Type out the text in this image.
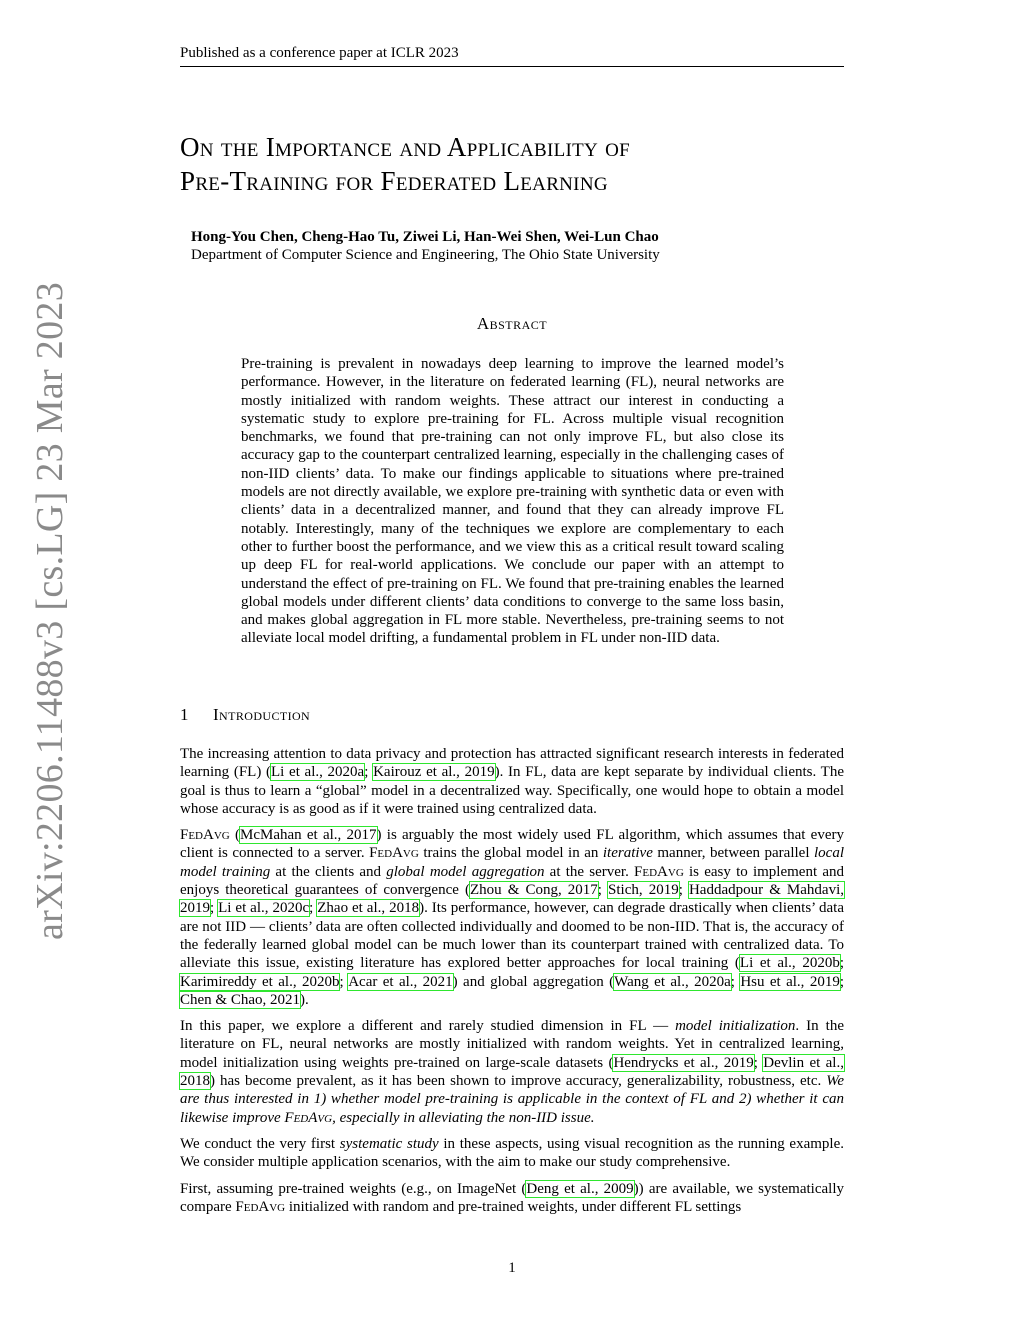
Published as a conference paper at ICLR 2023
arXiv:2206.11488v3 [cs.LG] 23 Mar 2023
On the Importance and Applicability of
Pre-Training for Federated Learning
Hong-You Chen, Cheng-Hao Tu, Ziwei Li, Han-Wei Shen, Wei-Lun Chao
Department of Computer Science and Engineering, The Ohio State University
Abstract
Pre-training is prevalent in nowadays deep learning to improve the learned model’s performance. However, in the literature on federated learning (FL), neural networks are mostly initialized with random weights. These attract our interest in conducting a systematic study to explore pre-training for FL. Across multiple visual recognition benchmarks, we found that pre-training can not only improve FL, but also close its accuracy gap to the counterpart centralized learning, especially in the challenging cases of non-IID clients’ data. To make our findings applicable to situations where pre-trained models are not directly available, we explore pre-training with synthetic data or even with clients’ data in a decentralized manner, and found that they can already improve FL notably. Interestingly, many of the techniques we explore are complementary to each other to further boost the performance, and we view this as a critical result toward scaling up deep FL for real-world applications. We conclude our paper with an attempt to understand the effect of pre-training on FL. We found that pre-training enables the learned global models under different clients’ data conditions to converge to the same loss basin, and makes global aggregation in FL more stable. Nevertheless, pre-training seems to not alleviate local model drifting, a fundamental problem in FL under non-IID data.
1 Introduction

The increasing attention to data privacy and protection has attracted significant research interests in federated learning (FL) (Li et al., 2020a; Kairouz et al., 2019). In FL, data are kept separate by individual clients. The goal is thus to learn a “global” model in a decentralized way. Specifically, one would hope to obtain a model whose accuracy is as good as if it were trained using centralized data.

FedAvg (McMahan et al., 2017) is arguably the most widely used FL algorithm, which assumes that every client is connected to a server. FedAvg trains the global model in an iterative manner, between parallel local model training at the clients and global model aggregation at the server. FedAvg is easy to implement and enjoys theoretical guarantees of convergence (Zhou & Cong, 2017; Stich, 2019; Haddadpour & Mahdavi, 2019; Li et al., 2020c; Zhao et al., 2018). Its performance, however, can degrade drastically when clients’ data are not IID — clients’ data are often collected individually and doomed to be non-IID. That is, the accuracy of the federally learned global model can be much lower than its counterpart trained with centralized data. To alleviate this issue, existing literature has explored better approaches for local training (Li et al., 2020b; Karimireddy et al., 2020b; Acar et al., 2021) and global aggregation (Wang et al., 2020a; Hsu et al., 2019; Chen & Chao, 2021).

In this paper, we explore a different and rarely studied dimension in FL — model initialization. In the literature on FL, neural networks are mostly initialized with random weights. Yet in centralized learning, model initialization using weights pre-trained on large-scale datasets (Hendrycks et al., 2019; Devlin et al., 2018) has become prevalent, as it has been shown to improve accuracy, generalizability, robustness, etc. We are thus interested in 1) whether model pre-training is applicable in the context of FL and 2) whether it can likewise improve FedAvg, especially in alleviating the non-IID issue.

We conduct the very first systematic study in these aspects, using visual recognition as the running example. We consider multiple application scenarios, with the aim to make our study comprehensive.

First, assuming pre-trained weights (e.g., on ImageNet (Deng et al., 2009)) are available, we systematically compare FedAvg initialized with random and pre-trained weights, under different FL settings

1
